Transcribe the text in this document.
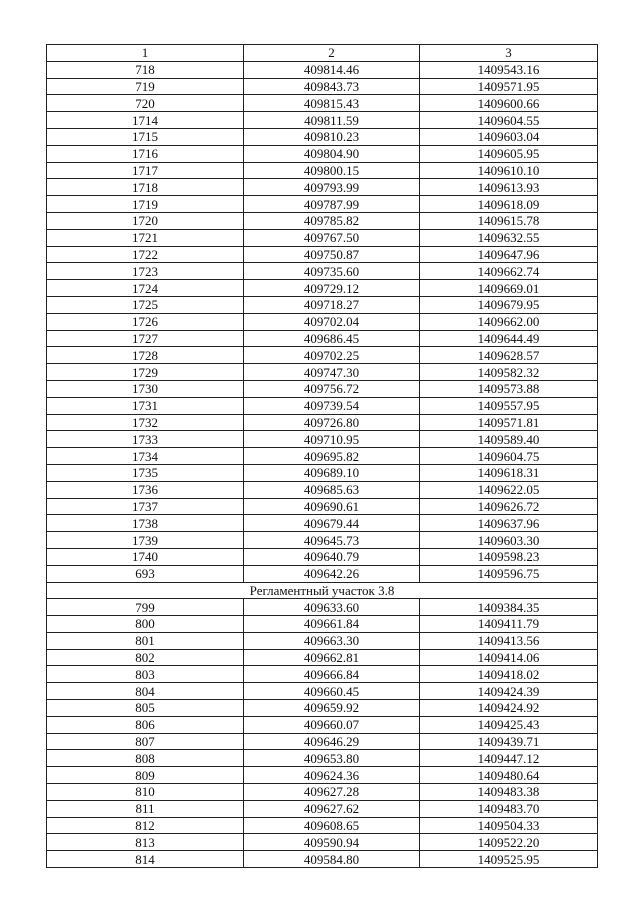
1	2	3
718	409814.46	1409543.16
719	409843.73	1409571.95
720	409815.43	1409600.66
1714	409811.59	1409604.55
1715	409810.23	1409603.04
1716	409804.90	1409605.95
1717	409800.15	1409610.10
1718	409793.99	1409613.93
1719	409787.99	1409618.09
1720	409785.82	1409615.78
1721	409767.50	1409632.55
1722	409750.87	1409647.96
1723	409735.60	1409662.74
1724	409729.12	1409669.01
1725	409718.27	1409679.95
1726	409702.04	1409662.00
1727	409686.45	1409644.49
1728	409702.25	1409628.57
1729	409747.30	1409582.32
1730	409756.72	1409573.88
1731	409739.54	1409557.95
1732	409726.80	1409571.81
1733	409710.95	1409589.40
1734	409695.82	1409604.75
1735	409689.10	1409618.31
1736	409685.63	1409622.05
1737	409690.61	1409626.72
1738	409679.44	1409637.96
1739	409645.73	1409603.30
1740	409640.79	1409598.23
693	409642.26	1409596.75
Регламентный участок 3.8		
799	409633.60	1409384.35
800	409661.84	1409411.79
801	409663.30	1409413.56
802	409662.81	1409414.06
803	409666.84	1409418.02
804	409660.45	1409424.39
805	409659.92	1409424.92
806	409660.07	1409425.43
807	409646.29	1409439.71
808	409653.80	1409447.12
809	409624.36	1409480.64
810	409627.28	1409483.38
811	409627.62	1409483.70
812	409608.65	1409504.33
813	409590.94	1409522.20
814	409584.80	1409525.95
